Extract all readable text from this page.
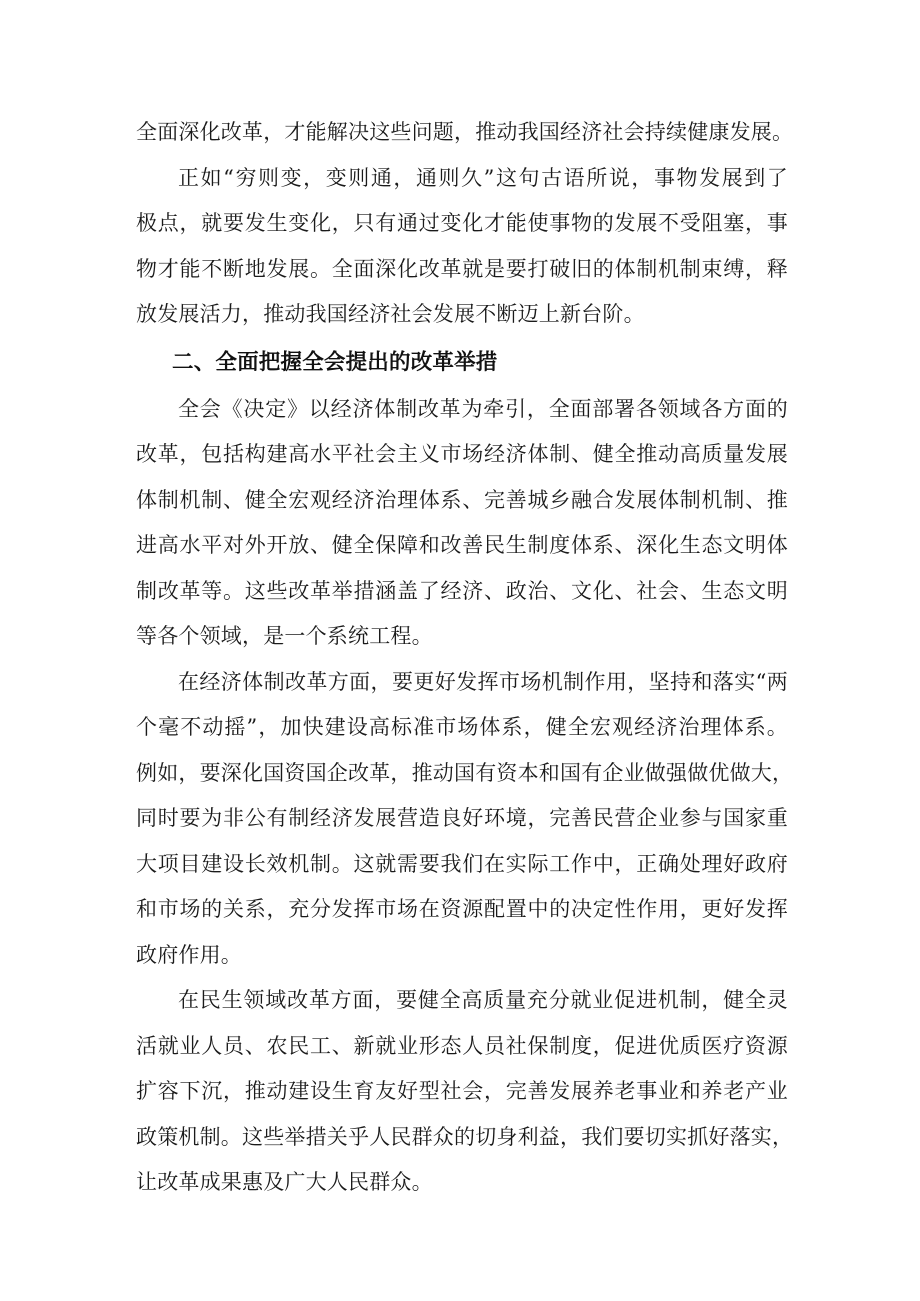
全面深化改革，才能解决这些问题，推动我国经济社会持续健康发展。
正如“穷则变，变则通，通则久”这句古语所说，事物发展到了
极点，就要发生变化，只有通过变化才能使事物的发展不受阻塞，事
物才能不断地发展。全面深化改革就是要打破旧的体制机制束缚，释
放发展活力，推动我国经济社会发展不断迈上新台阶。
二、全面把握全会提出的改革举措
全会《决定》以经济体制改革为牵引，全面部署各领域各方面的
改革，包括构建高水平社会主义市场经济体制、健全推动高质量发展
体制机制、健全宏观经济治理体系、完善城乡融合发展体制机制、推
进高水平对外开放、健全保障和改善民生制度体系、深化生态文明体
制改革等。这些改革举措涵盖了经济、政治、文化、社会、生态文明
等各个领域，是一个系统工程。
在经济体制改革方面，要更好发挥市场机制作用，坚持和落实“两
个毫不动摇”，加快建设高标准市场体系，健全宏观经济治理体系。
例如，要深化国资国企改革，推动国有资本和国有企业做强做优做大，
同时要为非公有制经济发展营造良好环境，完善民营企业参与国家重
大项目建设长效机制。这就需要我们在实际工作中，正确处理好政府
和市场的关系，充分发挥市场在资源配置中的决定性作用，更好发挥
政府作用。
在民生领域改革方面，要健全高质量充分就业促进机制，健全灵
活就业人员、农民工、新就业形态人员社保制度，促进优质医疗资源
扩容下沉，推动建设生育友好型社会，完善发展养老事业和养老产业
政策机制。这些举措关乎人民群众的切身利益，我们要切实抓好落实，
让改革成果惠及广大人民群众。
